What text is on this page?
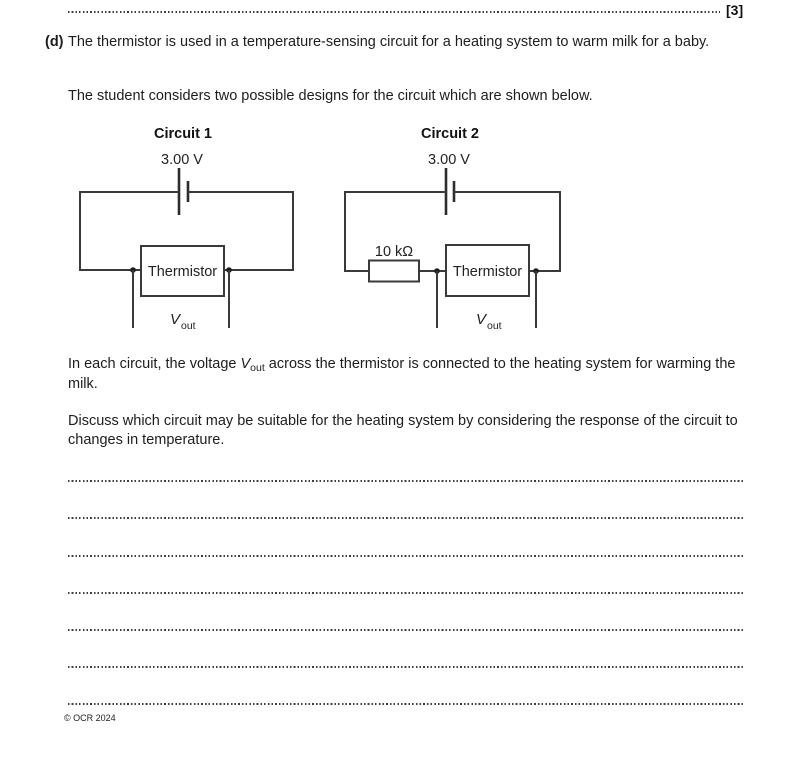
[3]
(d) The thermistor is used in a temperature-sensing circuit for a heating system to warm milk for a baby.
The student considers two possible designs for the circuit which are shown below.
Circuit 1
3.00 V
Thermistor
V out
Circuit 2
3.00 V
10 kΩ
Thermistor
V out
In each circuit, the voltage $V_{out}$ across the thermistor is connected to the heating system for warming the milk.
Discuss which circuit may be suitable for the heating system by considering the response of the circuit to changes in temperature.
© OCR 2024
